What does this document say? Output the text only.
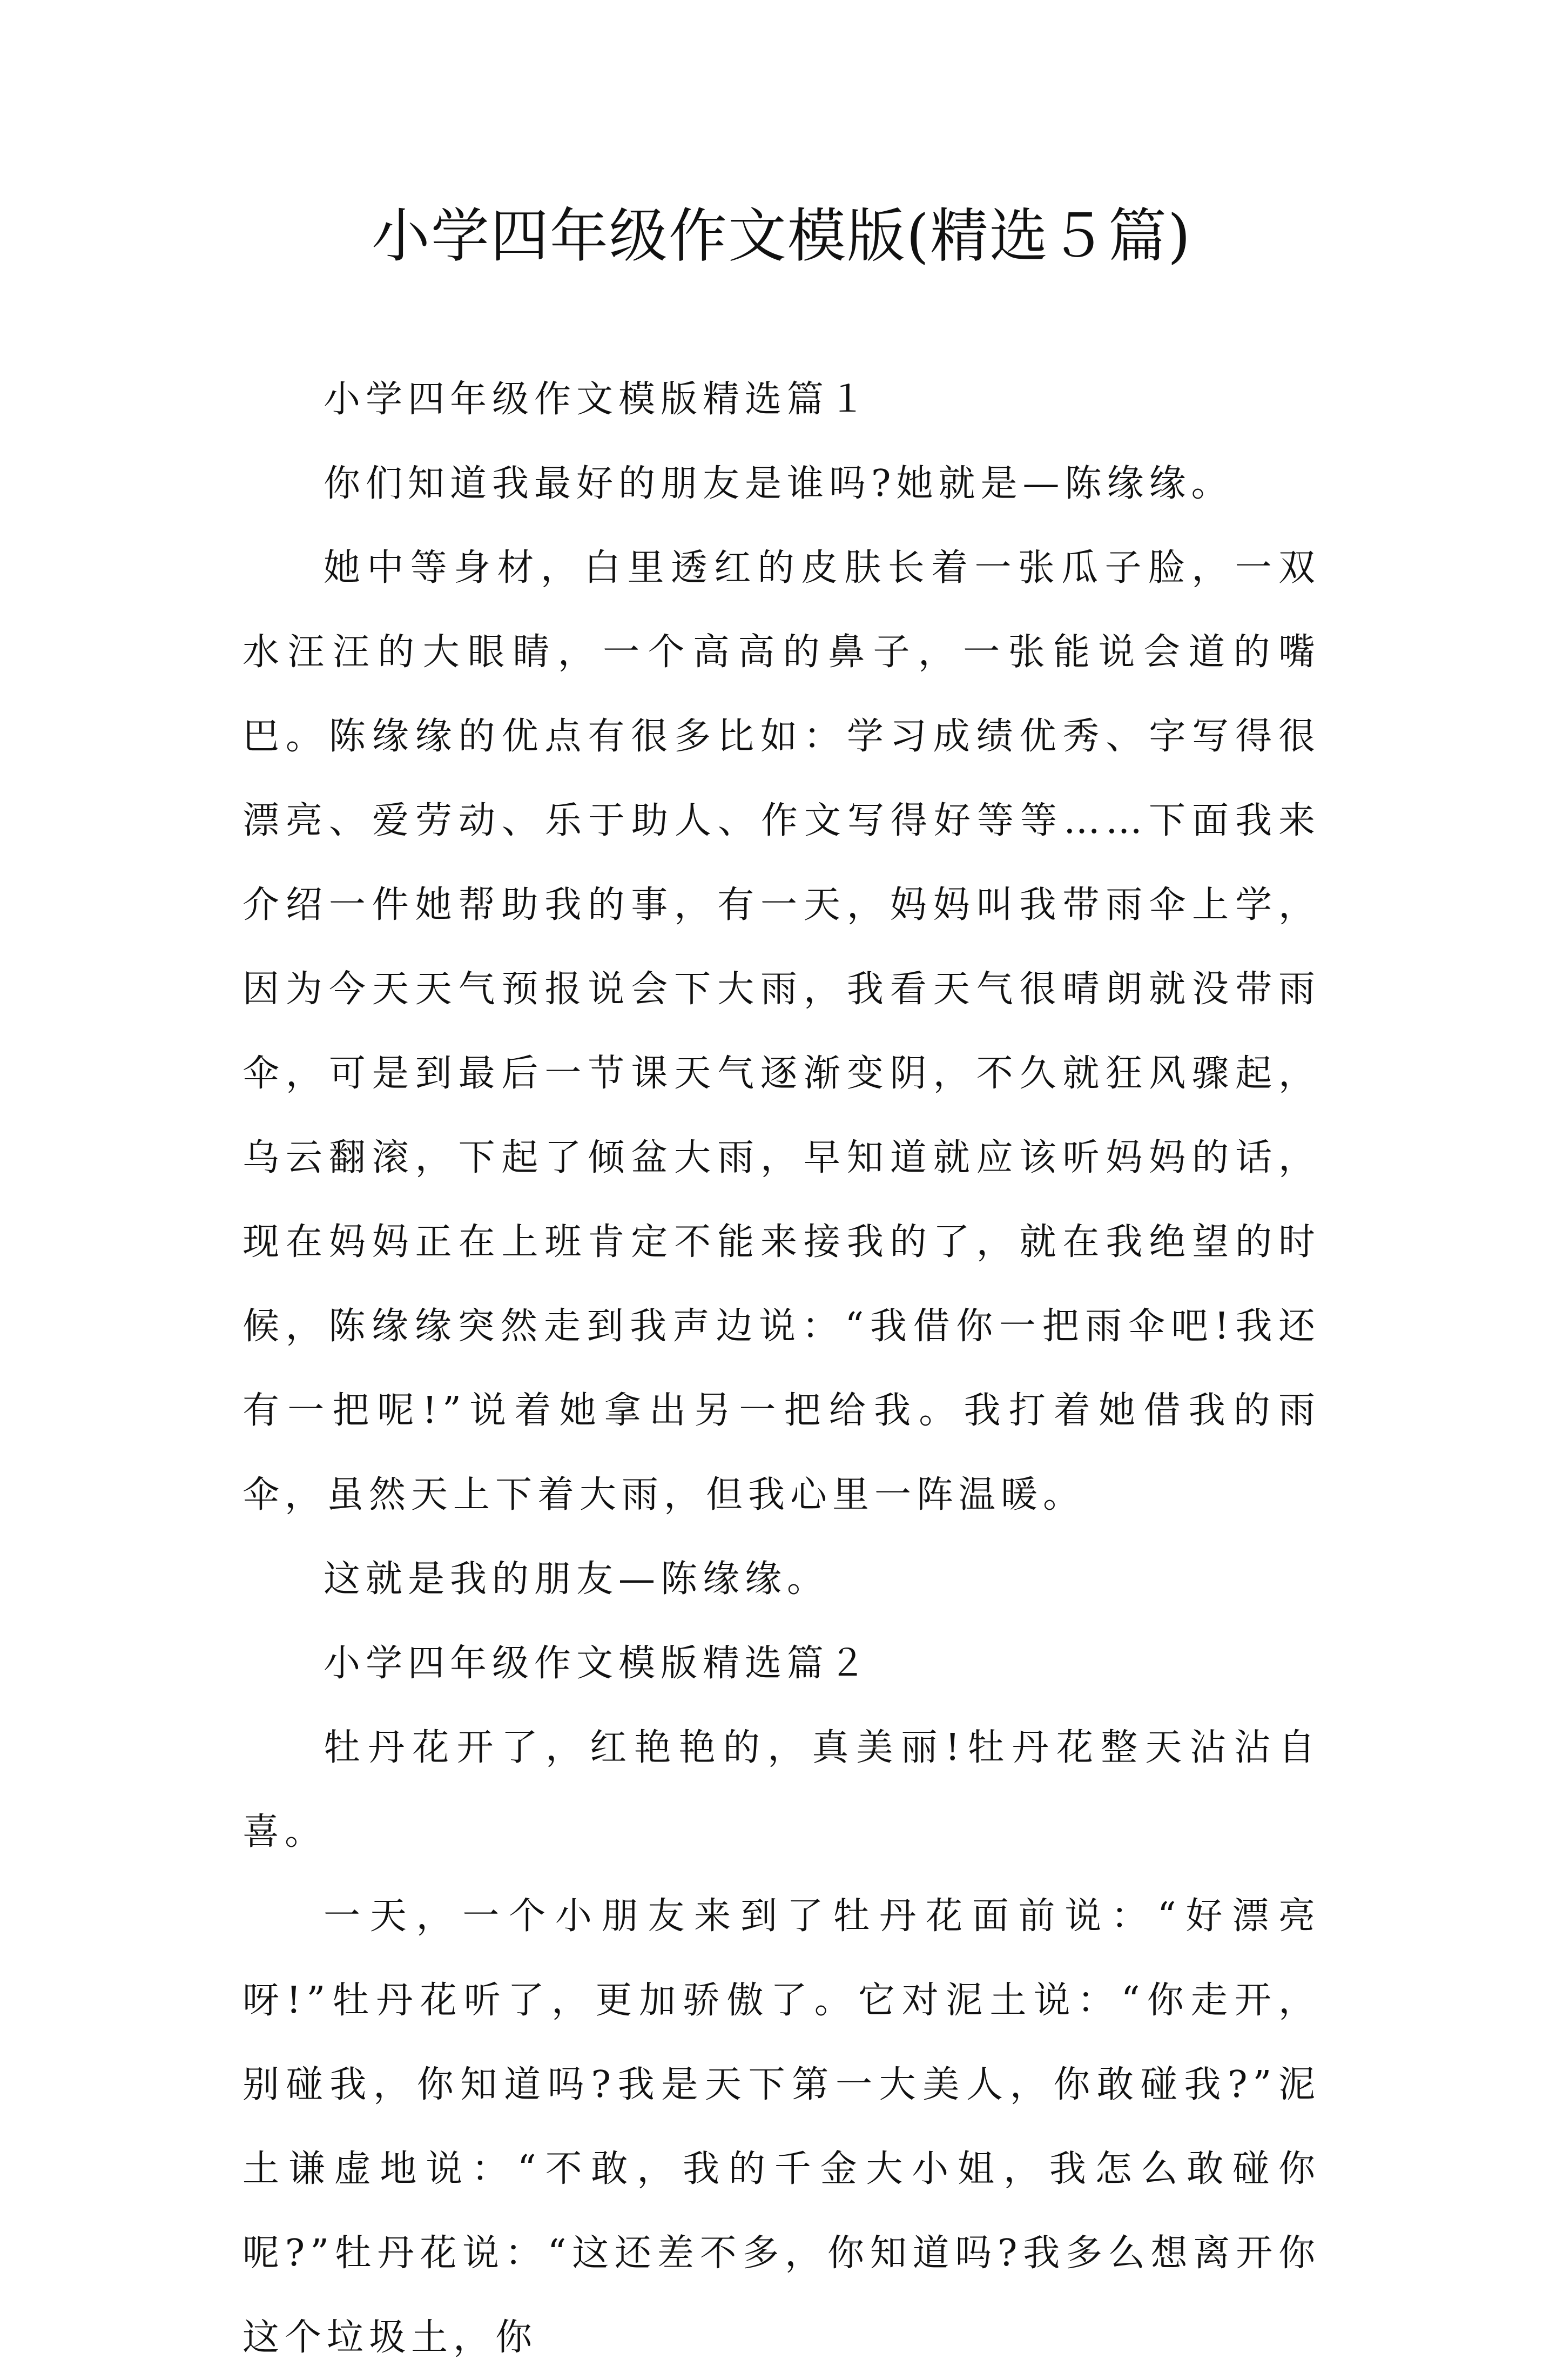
小学四年级作文模版(精选５篇)

小学四年级作文模版精选篇１

你们知道我最好的朋友是谁吗?她就是—陈缘缘。

她中等身材，白里透红的皮肤长着一张瓜子脸，一双水汪汪的大眼睛，一个高高的鼻子，一张能说会道的嘴巴。陈缘缘的优点有很多比如：学习成绩优秀、字写得很漂亮、爱劳动、乐于助人、作文写得好等等……下面我来介绍一件她帮助我的事，有一天，妈妈叫我带雨伞上学，因为今天天气预报说会下大雨，我看天气很晴朗就没带雨伞，可是到最后一节课天气逐渐变阴，不久就狂风骤起，乌云翻滚，下起了倾盆大雨，早知道就应该听妈妈的话，现在妈妈正在上班肯定不能来接我的了，就在我绝望的时候，陈缘缘突然走到我声边说：“我借你一把雨伞吧!我还有一把呢!”说着她拿出另一把给我。我打着她借我的雨伞，虽然天上下着大雨，但我心里一阵温暖。

这就是我的朋友—陈缘缘。

小学四年级作文模版精选篇２

牡丹花开了，红艳艳的，真美丽!牡丹花整天沾沾自喜。

一天，一个小朋友来到了牡丹花面前说：“好漂亮呀!”牡丹花听了，更加骄傲了。它对泥土说：“你走开，别碰我，你知道吗?我是天下第一大美人，你敢碰我?”泥土谦虚地说：“不敢，我的千金大小姐，我怎么敢碰你呢?”牡丹花说：“这还差不多，你知道吗?我多么想离开你这个垃圾土，你
